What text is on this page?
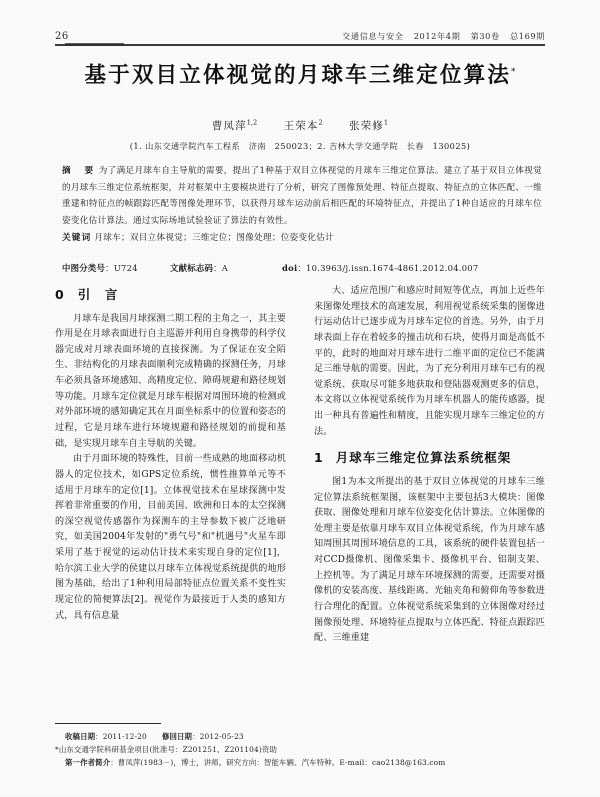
26	交通信息与安全 2012年4期 第30卷 总169期
基于双目立体视觉的月球车三维定位算法*
曹凤萍$^{1,2}$	王荣本$^2$	张荣修$^1$
(1. 山东交通学院汽车工程系　济南　250023；2. 吉林大学交通学院　长春　130025)

摘　要 为了满足月球车自主导航的需要，提出了1种基于双目立体视觉的月球车三维定位算法。建立了基于双目立体视觉的月球车三维定位系统框架，并对框架中主要模块进行了分析，研究了图像预处理、特征点提取、特征点的立体匹配、一维重建和特征点的帧跟踪匹配等图像处理环节，以获得月球车运动前后相匹配的环境特征点，并提出了1种自适应的月球车位姿变化估计算法。通过实际场地试验验证了算法的有效性。

关键词 月球车；双目立体视觉；三维定位；图像处理；位姿变化估计

中图分类号：U724	文献标志码：A	doi：10.3963/j.issn.1674-4861.2012.04.007
0 引　言

月球车是我国月球探测二期工程的主角之一，其主要作用是在月球表面进行自主巡游并利用自身携带的科学仪器完成对月球表面环境的直接探测。为了保证在安全陌生、非结构化的月球表面顺利完成精确的探测任务，月球车必须具备环境感知、高精度定位、障碍规避和路径规划等功能。月球车定位就是月球车根据对周围环境的检测或对外部环境的感知确定其在月面坐标系中的位置和姿态的过程，它是月球车进行环境规避和路径规划的前提和基础，是实现月球车自主导航的关键。

由于月面环境的特殊性，目前一些成熟的地面移动机器人的定位技术，如GPS定位系统，惯性推算单元等不适用于月球车的定位[1]。立体视觉技术在星球探测中发挥着非常重要的作用，目前美国、欧洲和日本的太空探测的深空视觉传感器作为探测车的主导参数下被广泛地研究，如美国2004年发射的"勇气号"和"机遇号"火星车即采用了基于视觉的运动估计技术来实现自身的定位[1]，哈尔滨工业大学的侯建以月球车立体视觉系统提供的地形图为基础，给出了1种利用局部特征点位置关系不变性实现定位的简便算法[2]。视觉作为最接近于人类的感知方式，具有信息量

大、适应范围广和感应时间短等优点，再加上近些年来图像处理技术的高速发展，利用视觉系统采集的图像进行运动估计已逐步成为月球车定位的首选。另外，由于月球表面上存在着较多的撞击坑和石块，使得月面是高低不平的，此时的地面对月球车进行二维平面的定位已不能满足三维导航的需要。因此，为了充分利用月球车已有的视觉系统、获取尽可能多地获取和登陆器观测更多的信息，本文将以立体视觉系统作为月球车机器人的能传感器，提出一种具有普遍性和精度，且能实现月球车三维定位的方法。

1 月球车三维定位算法系统框架

图1为本文所提出的基于双目立体视觉的月球车三维定位算法系统框架图，该框架中主要包括3大模块：图像获取、图像处理和月球车位姿变化估计算法。立体图像的处理主要是依靠月球车双目立体视觉系统，作为月球车感知周围其周围环境信息的工具，该系统的硬件装置包括一对CCD摄像机、图像采集卡、摄像机平台、铝制支架、上控机等。为了满足月球车环境探测的需要，还需要对摄像机的安装高度、基线距离、光轴夹角和俯仰角等参数进行合理化的配置。立体视觉系统采集到的立体图像对经过图像预处理、环境特征点提取与立体匹配、特征点跟踪匹配、三维重建

收稿日期：2011-12-20　　 修回日期：2012-05-23

*山东交通学院科研基金项目(批准号：Z201251、Z201104)资助

第一作者简介：曹凤萍(1983－)，博士，讲师。研究方向：智能车辆、汽车特种。E-mail：cao2138@163.com
